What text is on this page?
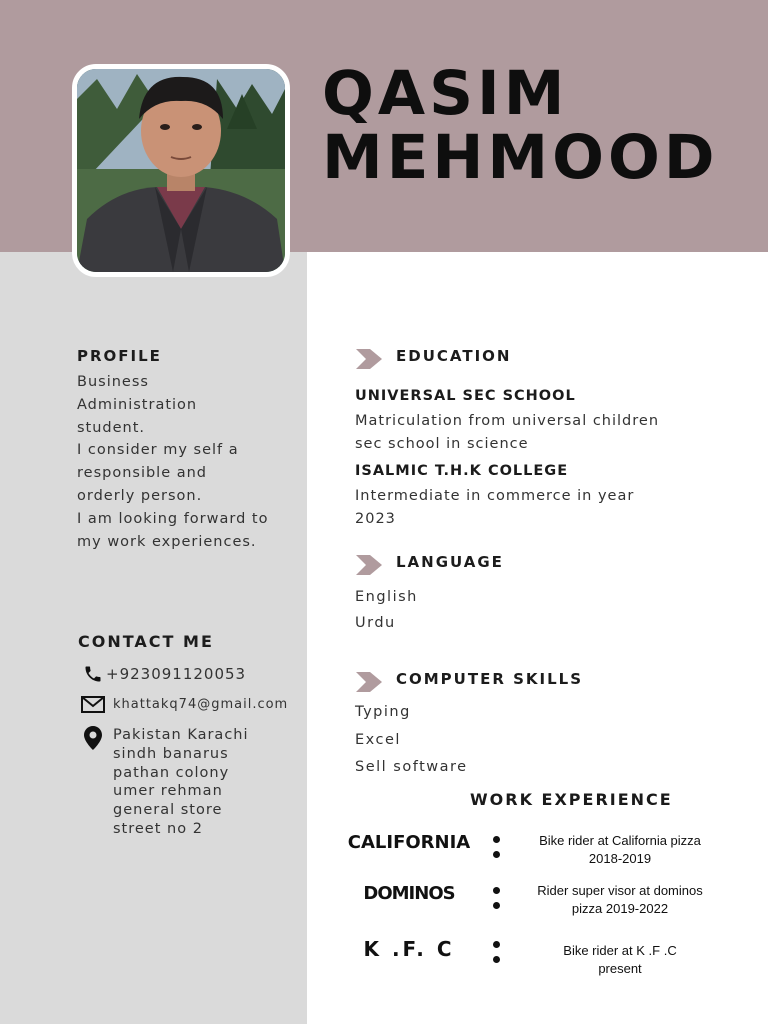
QASIM
MEHMOOD
PROFILE
Business
Administration
student.
I consider my self a
responsible and
orderly person.
I am looking forward to
my work experiences.
CONTACT ME
+923091120053
khattakq74@gmail.com
Pakistan Karachi
sindh banarus
pathan colony
umer rehman
general store
street no 2
EDUCATION
UNIVERSAL SEC SCHOOL
Matriculation from universal children
sec school in science
ISALMIC T.H.K COLLEGE
Intermediate in commerce in year
2023
LANGUAGE
English
Urdu
COMPUTER SKILLS
Typing
Excel
Sell software
WORK EXPERIENCE
CALIFORNIA	Bike rider at California pizza
2018-2019
DOMINOS	Rider super visor at dominos
pizza 2019-2022
K .F. C	Bike rider at K .F .C
present
